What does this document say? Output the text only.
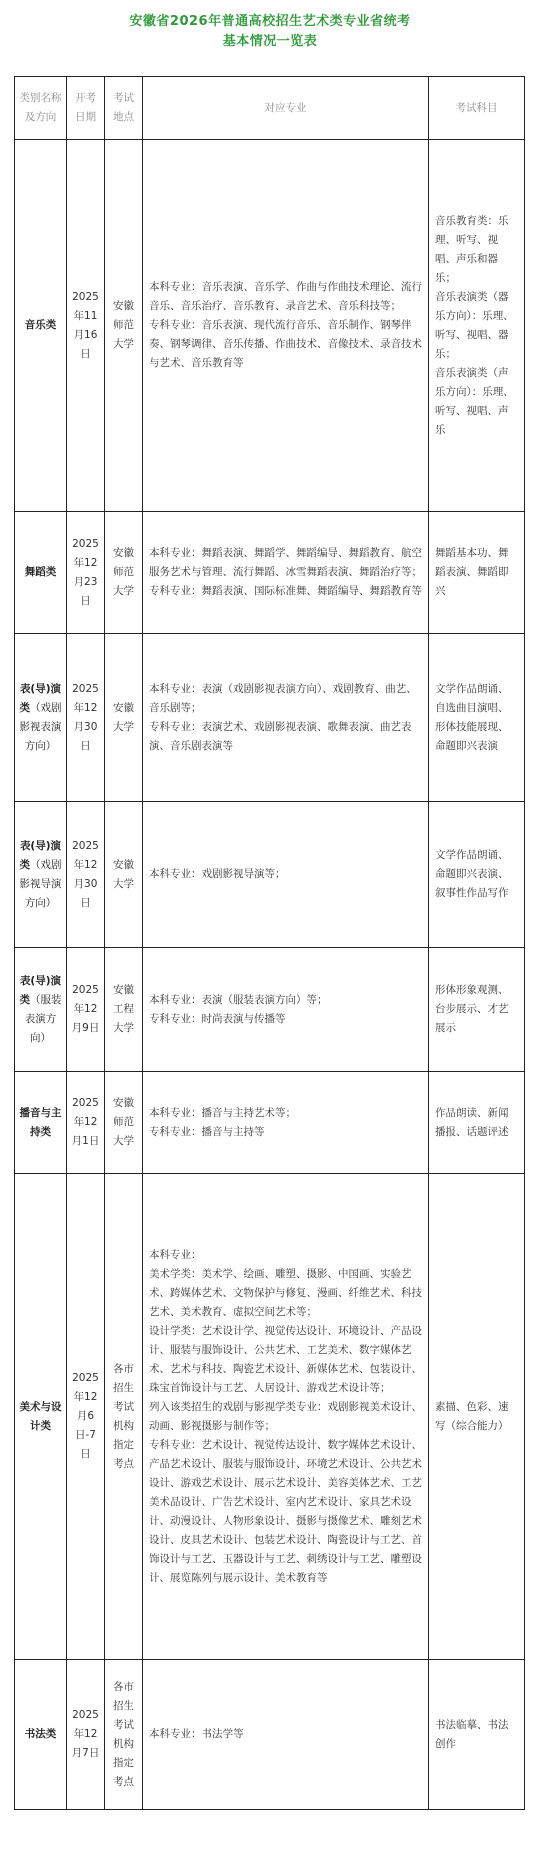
安徽省2026年普通高校招生艺术类专业省统考
基本情况一览表
类别名称及方向	开考日期	考试地点	对应专业	考试科目
音乐类	2025年11月16日	安徽师范大学	本科专业：音乐表演、音乐学、作曲与作曲技术理论、流行音乐、音乐治疗、音乐教育、录音艺术、音乐科技等；
专科专业：音乐表演、现代流行音乐、音乐制作、钢琴伴奏、钢琴调律、音乐传播、作曲技术、音像技术、录音技术与艺术、音乐教育等	音乐教育类：乐理、听写、视唱、声乐和器乐；
音乐表演类（器乐方向）：乐理、听写、视唱、器乐；
音乐表演类（声乐方向）：乐理、听写、视唱、声乐

舞蹈类	2025年12月23日	安徽师范大学	本科专业：舞蹈表演、舞蹈学、舞蹈编导、舞蹈教育、航空服务艺术与管理、流行舞蹈、冰雪舞蹈表演、舞蹈治疗等；
专科专业：舞蹈表演、国际标准舞、舞蹈编导、舞蹈教育等	舞蹈基本功、舞蹈表演、舞蹈即兴

表(导)演类（戏剧影视表演方向）	2025年12月30日	安徽大学	本科专业：表演（戏剧影视表演方向）、戏剧教育、曲艺、音乐剧等；
专科专业：表演艺术、戏剧影视表演、歌舞表演、曲艺表演、音乐剧表演等	文学作品朗诵、自选曲目演唱、形体技能展现、命题即兴表演

表(导)演类（戏剧影视导演方向）	2025年12月30日	安徽大学	本科专业：戏剧影视导演等；	文学作品朗诵、命题即兴表演、叙事性作品写作

表(导)演类（服装表演方向）	2025年12月9日	安徽工程大学	本科专业：表演（服装表演方向）等；
专科专业：时尚表演与传播等	形体形象观测、台步展示、才艺展示

播音与主持类	2025年12月1日	安徽师范大学	本科专业：播音与主持艺术等；
专科专业：播音与主持等	作品朗读、新闻播报、话题评述

美术与设计类	2025年12月6日-7日	各市招生考试机构指定考点	本科专业：
美术学类：美术学、绘画、雕塑、摄影、中国画、实验艺术、跨媒体艺术、文物保护与修复、漫画、纤维艺术、科技艺术、美术教育、虚拟空间艺术等；
设计学类：艺术设计学、视觉传达设计、环境设计、产品设计、服装与服饰设计、公共艺术、工艺美术、数字媒体艺术、艺术与科技、陶瓷艺术设计、新媒体艺术、包装设计、珠宝首饰设计与工艺、人居设计、游戏艺术设计等；
列入该类招生的戏剧与影视学类专业：戏剧影视美术设计、动画、影视摄影与制作等；
专科专业：艺术设计、视觉传达设计、数字媒体艺术设计、产品艺术设计、服装与服饰设计、环境艺术设计、公共艺术设计、游戏艺术设计、展示艺术设计、美容美体艺术、工艺美术品设计、广告艺术设计、室内艺术设计、家具艺术设计、动漫设计、人物形象设计、摄影与摄像艺术、雕刻艺术设计、皮具艺术设计、包装艺术设计、陶瓷设计与工艺、首饰设计与工艺、玉器设计与工艺、刺绣设计与工艺、雕塑设计、展览陈列与展示设计、美术教育等	素描、色彩、速写（综合能力）

书法类	2025年12月7日	各市招生考试机构指定考点	本科专业：书法学等	书法临摹、书法创作
